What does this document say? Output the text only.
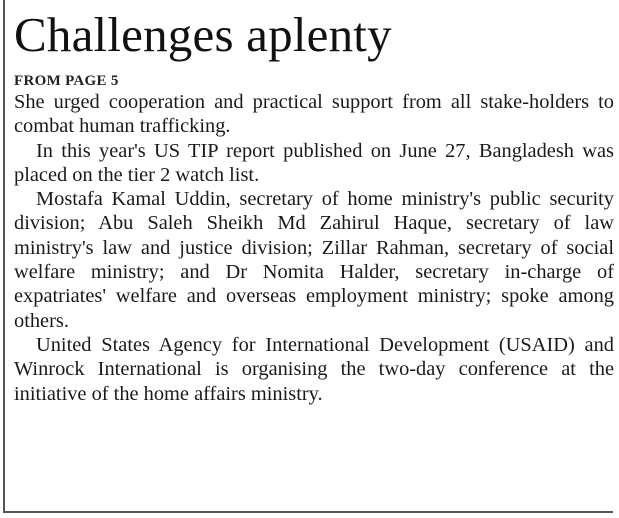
Challenges aplenty
FROM PAGE 5

She urged cooperation and practical support from all stake-holders to combat human trafficking.

In this year's US TIP report published on June 27, Bangladesh was placed on the tier 2 watch list.

Mostafa Kamal Uddin, secretary of home ministry's public security division; Abu Saleh Sheikh Md Zahirul Haque, secretary of law ministry's law and justice division; Zillar Rahman, secretary of social welfare ministry; and Dr Nomita Halder, secretary in-charge of expatriates' welfare and overseas employment ministry; spoke among others.

United States Agency for International Development (USAID) and Winrock International is organising the two-day conference at the initiative of the home affairs ministry.
